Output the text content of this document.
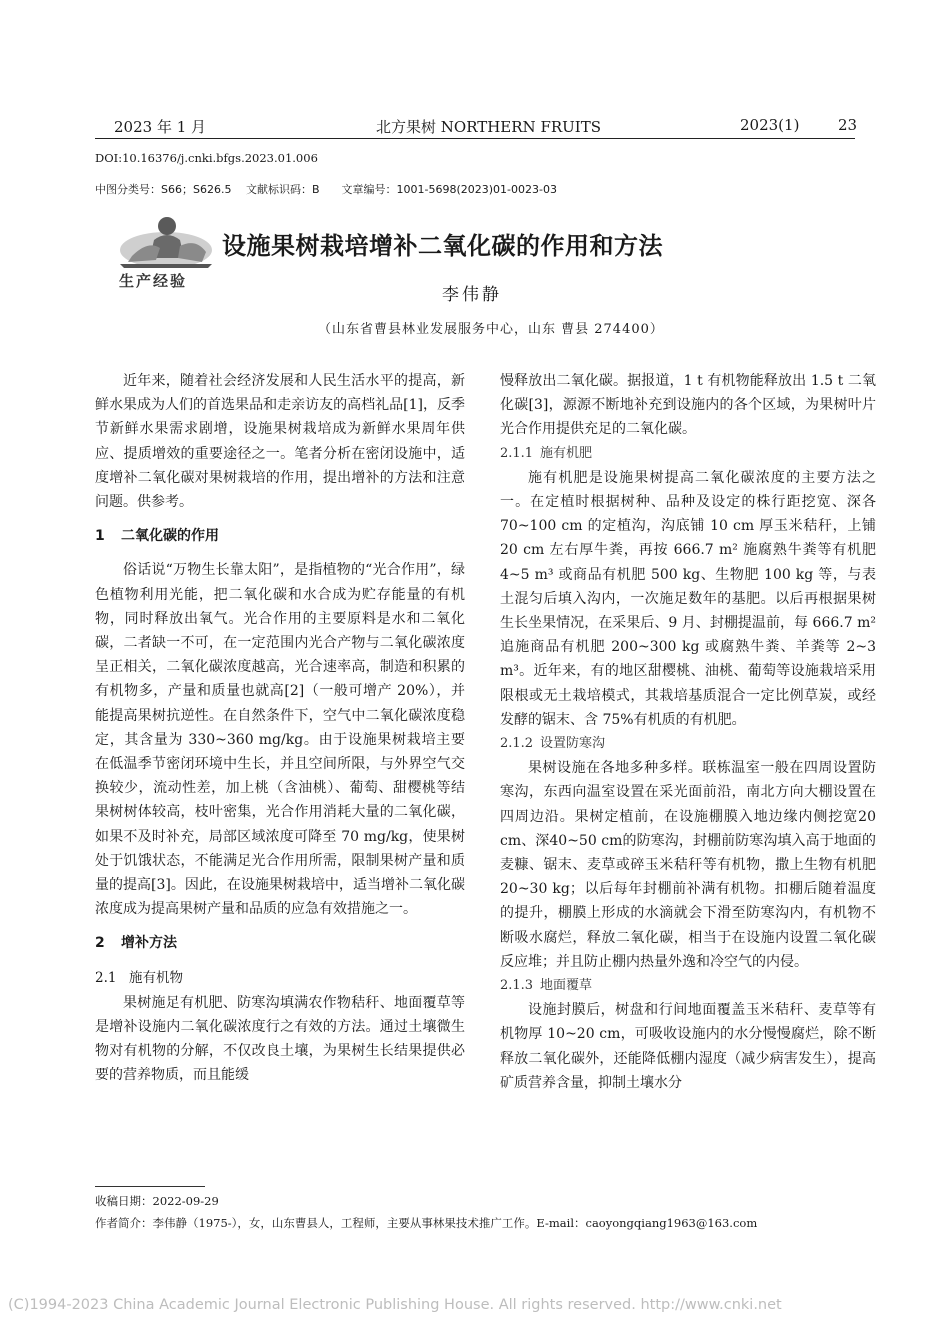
2023 年 1 月	北方果树 NORTHERN FRUITS	2023(1)	23
DOI:10.16376/j.cnki.bfgs.2023.01.006
中图分类号：S66；S626.5　 文献标识码：B　　文章编号：1001-5698(2023)01-0023-03
生产经验
设施果树栽培增补二氧化碳的作用和方法
李伟静
（山东省曹县林业发展服务中心，山东 曹县 274400）

近年来，随着社会经济发展和人民生活水平的提高，新鲜水果成为人们的首选果品和走亲访友的高档礼品[1]，反季节新鲜水果需求剧增，设施果树栽培成为新鲜水果周年供应、提质增效的重要途径之一。笔者分析在密闭设施中，适度增补二氧化碳对果树栽培的作用，提出增补的方法和注意问题。供参考。

1 二氧化碳的作用

俗话说“万物生长靠太阳”，是指植物的“光合作用”，绿色植物利用光能，把二氧化碳和水合成为贮存能量的有机物，同时释放出氧气。光合作用的主要原料是水和二氧化碳，二者缺一不可，在一定范围内光合产物与二氧化碳浓度呈正相关，二氧化碳浓度越高，光合速率高，制造和积累的有机物多，产量和质量也就高[2]（一般可增产 20%），并能提高果树抗逆性。在自然条件下，空气中二氧化碳浓度稳定，其含量为 330~360 mg/kg。由于设施果树栽培主要在低温季节密闭环境中生长，并且空间所限，与外界空气交换较少，流动性差，加上桃（含油桃）、葡萄、甜樱桃等结果树树体较高，枝叶密集，光合作用消耗大量的二氧化碳，如果不及时补充，局部区域浓度可降至 70 mg/kg，使果树处于饥饿状态，不能满足光合作用所需，限制果树产量和质量的提高[3]。因此，在设施果树栽培中，适当增补二氧化碳浓度成为提高果树产量和品质的应急有效措施之一。

2 增补方法
2.1 施有机物

果树施足有机肥、防寒沟填满农作物秸秆、地面覆草等是增补设施内二氧化碳浓度行之有效的方法。通过土壤微生物对有机物的分解，不仅改良土壤，为果树生长结果提供必要的营养物质，而且能缓

慢释放出二氧化碳。据报道，1 t 有机物能释放出 1.5 t 二氧化碳[3]，源源不断地补充到设施内的各个区域，为果树叶片光合作用提供充足的二氧化碳。

2.1.1 施有机肥

施有机肥是设施果树提高二氧化碳浓度的主要方法之一。在定植时根据树种、品种及设定的株行距挖宽、深各 70~100 cm 的定植沟，沟底铺 10 cm 厚玉米秸秆，上铺 20 cm 左右厚牛粪，再按 666.7 m² 施腐熟牛粪等有机肥 4~5 m³ 或商品有机肥 500 kg、生物肥 100 kg 等，与表土混匀后填入沟内，一次施足数年的基肥。以后再根据果树生长坐果情况，在采果后、9 月、封棚提温前，每 666.7 m² 追施商品有机肥 200~300 kg 或腐熟牛粪、羊粪等 2~3 m³。近年来，有的地区甜樱桃、油桃、葡萄等设施栽培采用限根或无土栽培模式，其栽培基质混合一定比例草炭，或经发酵的锯末、含 75%有机质的有机肥。

2.1.2 设置防寒沟

果树设施在各地多种多样。联栋温室一般在四周设置防寒沟，东西向温室设置在采光面前沿，南北方向大棚设置在四周边沿。果树定植前，在设施棚膜入地边缘内侧挖宽20 cm、深40~50 cm的防寒沟，封棚前防寒沟填入高于地面的麦糠、锯末、麦草或碎玉米秸秆等有机物，撒上生物有机肥20~30 kg；以后每年封棚前补满有机物。扣棚后随着温度的提升，棚膜上形成的水滴就会下滑至防寒沟内，有机物不断吸水腐烂，释放二氧化碳，相当于在设施内设置二氧化碳反应堆；并且防止棚内热量外逸和冷空气的内侵。

2.1.3 地面覆草

设施封膜后，树盘和行间地面覆盖玉米秸秆、麦草等有机物厚 10~20 cm，可吸收设施内的水分慢慢腐烂，除不断释放二氧化碳外，还能降低棚内湿度（减少病害发生），提高矿质营养含量，抑制土壤水分

收稿日期：2022-09-29
作者简介：李伟静（1975-），女，山东曹县人，工程师，主要从事林果技术推广工作。E-mail：caoyongqiang1963@163.com
(C)1994-2023 China Academic Journal Electronic Publishing House. All rights reserved. http://www.cnki.net
